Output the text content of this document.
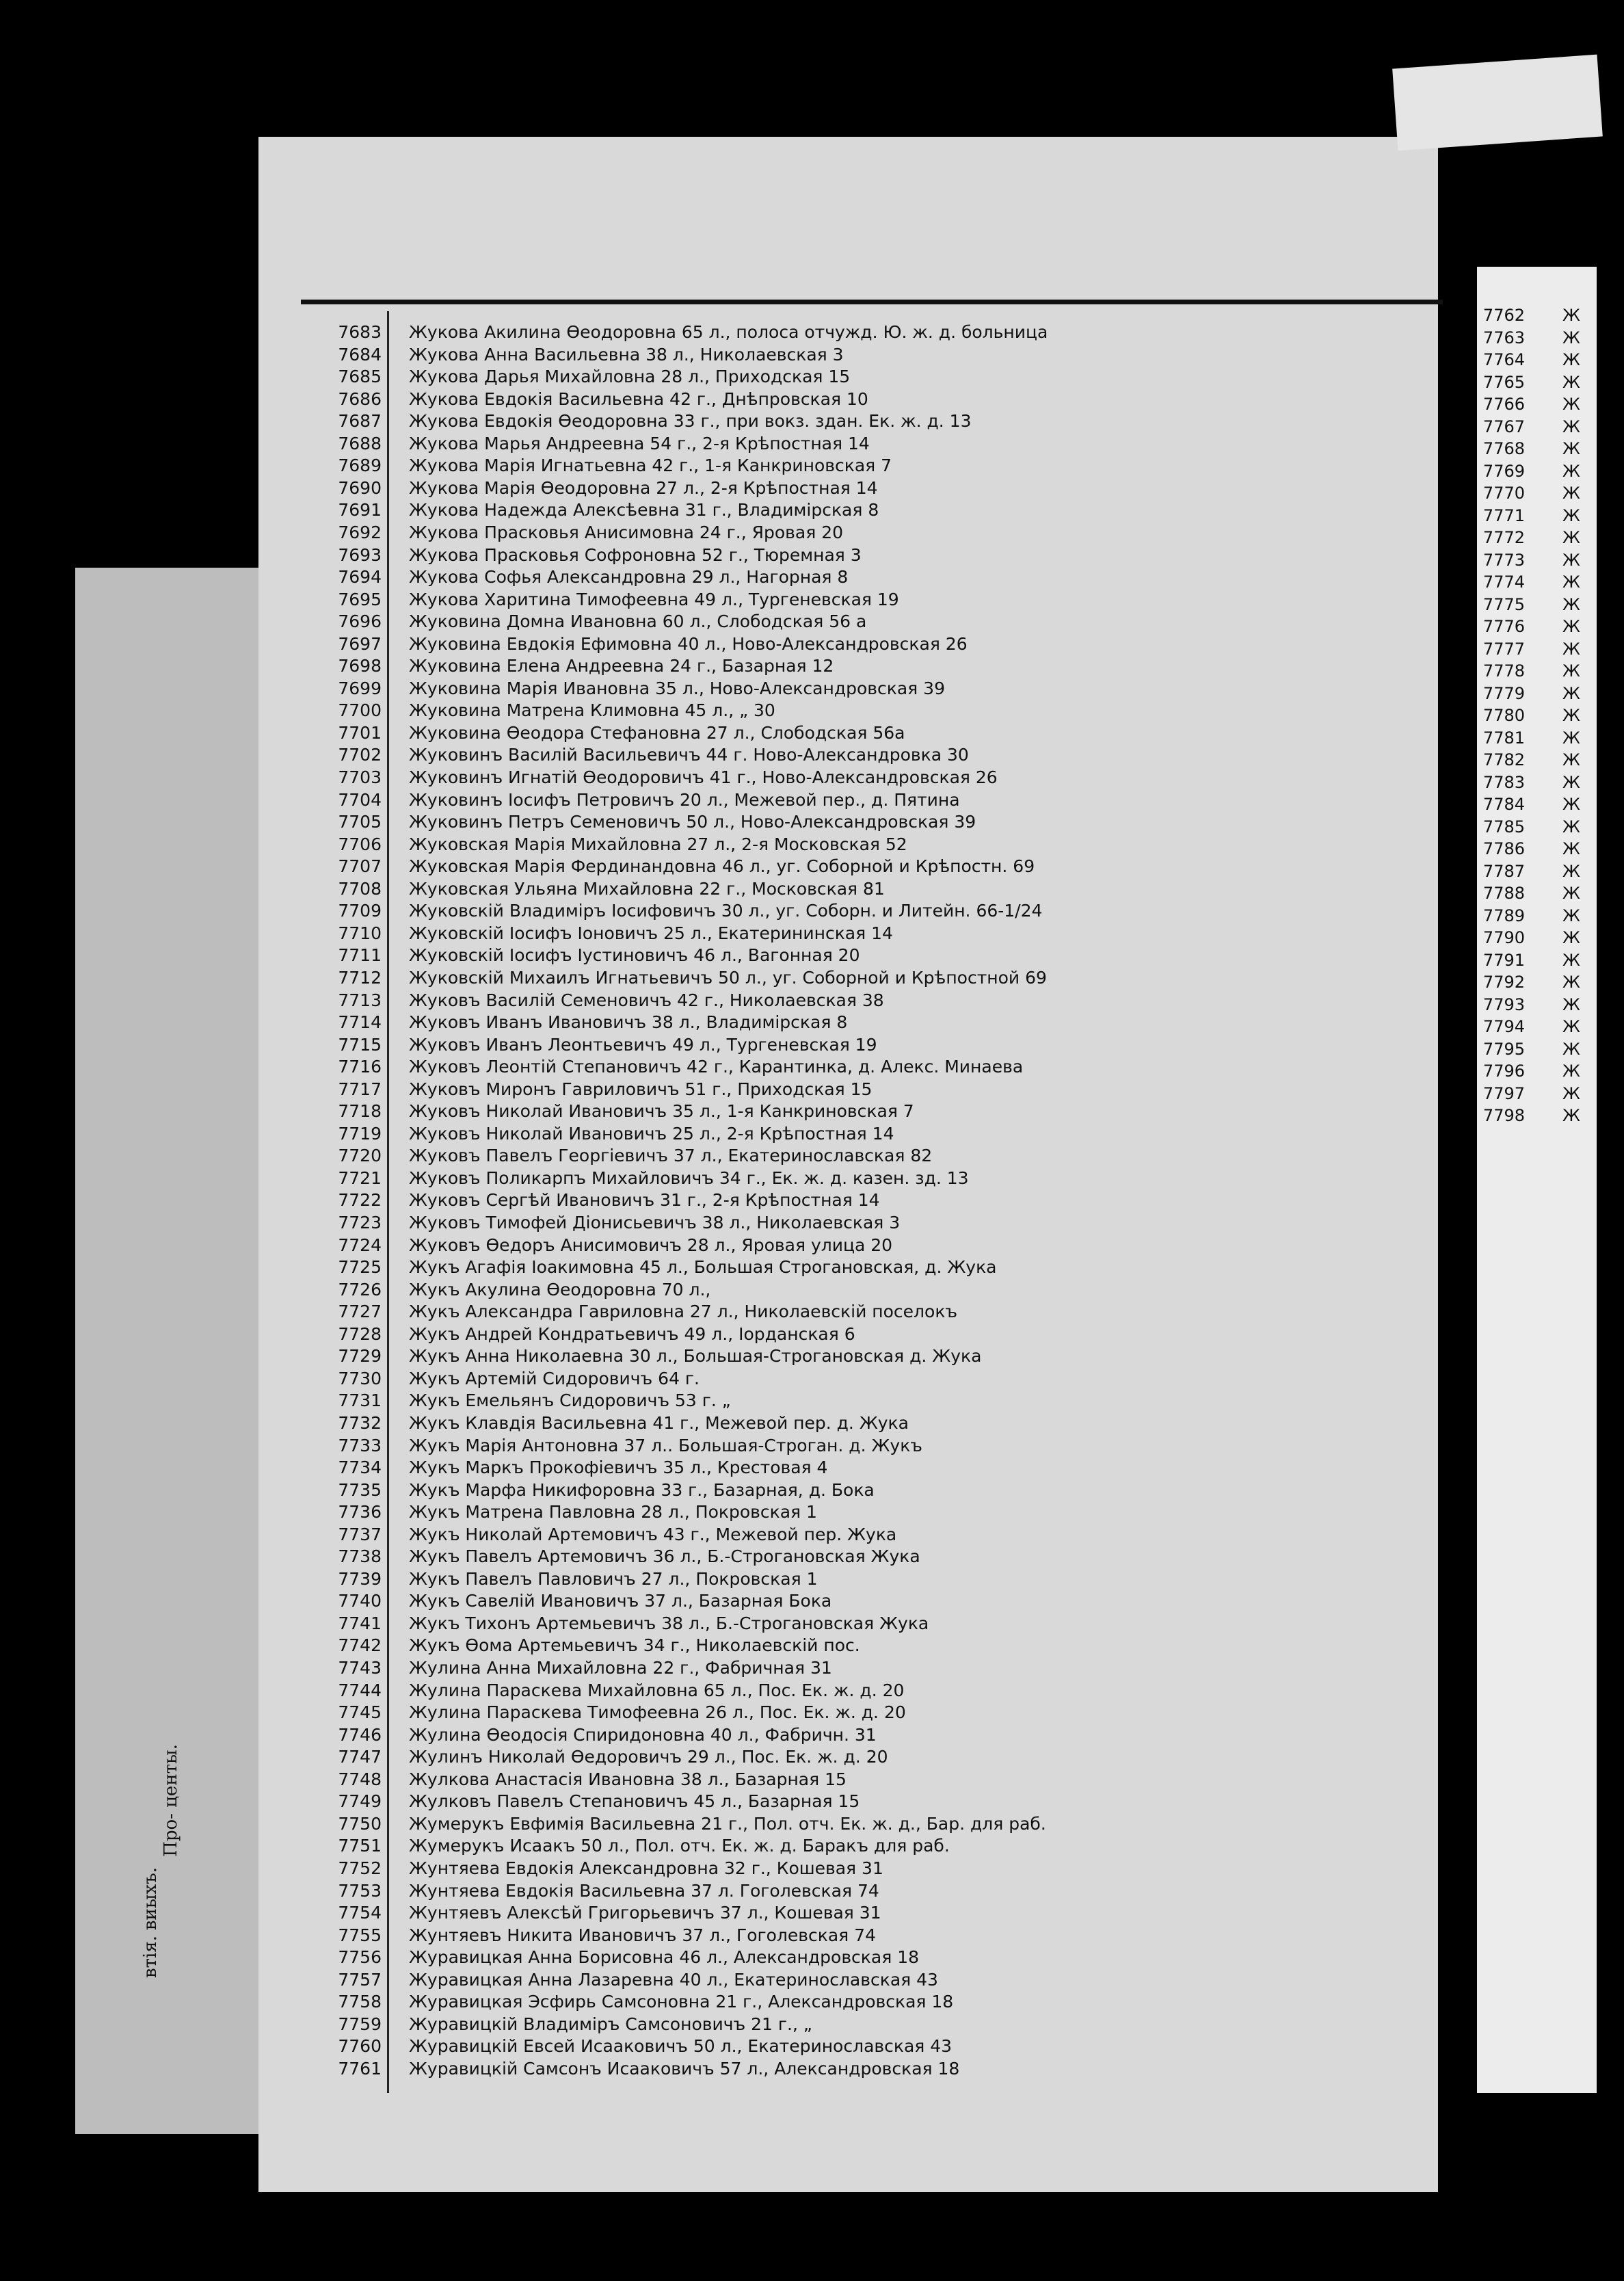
Про- центы.
виыхъ.
втія.
7683 Жукова Акилина Өеодоровна 65 л., полоса отчужд. Ю. ж. д. больница
7684 Жукова Анна Васильевна 38 л., Николаевская 3
7685 Жукова Дарья Михайловна 28 л., Приходская 15
7686 Жукова Евдокія Васильевна 42 г., Днѣпровская 10
7687 Жукова Евдокія Өеодоровна 33 г., при вокз. здан. Ек. ж. д. 13
7688 Жукова Марья Андреевна 54 г., 2-я Крѣпостная 14
7689 Жукова Марія Игнатьевна 42 г., 1-я Канкриновская 7
7690 Жукова Марія Өеодоровна 27 л., 2-я Крѣпостная 14
7691 Жукова Надежда Алексѣевна 31 г., Владимірская 8
7692 Жукова Прасковья Анисимовна 24 г., Яровая 20
7693 Жукова Прасковья Софроновна 52 г., Тюремная 3
7694 Жукова Софья Александровна 29 л., Нагорная 8
7695 Жукова Харитина Тимофеевна 49 л., Тургеневская 19
7696 Жуковина Домна Ивановна 60 л., Слободская 56 а
7697 Жуковина Евдокія Ефимовна 40 л., Ново-Александровская 26
7698 Жуковина Елена Андреевна 24 г., Базарная 12
7699 Жуковина Марія Ивановна 35 л., Ново-Александровская 39
7700 Жуковина Матрена Климовна 45 л., „ 30
7701 Жуковина Өеодора Стефановна 27 л., Слободская 56а
7702 Жуковинъ Василій Васильевичъ 44 г. Ново-Александровка 30
7703 Жуковинъ Игнатій Өеодоровичъ 41 г., Ново-Александровская 26
7704 Жуковинъ Іосифъ Петровичъ 20 л., Межевой пер., д. Пятина
7705 Жуковинъ Петръ Семеновичъ 50 л., Ново-Александровская 39
7706 Жуковская Марія Михайловна 27 л., 2-я Московская 52
7707 Жуковская Марія Фердинандовна 46 л., уг. Соборной и Крѣпостн. 69
7708 Жуковская Ульяна Михайловна 22 г., Московская 81
7709 Жуковскій Владиміръ Іосифовичъ 30 л., уг. Соборн. и Литейн. 66-1/24
7710 Жуковскій Іосифъ Іоновичъ 25 л., Екатерининская 14
7711 Жуковскій Іосифъ Іустиновичъ 46 л., Вагонная 20
7712 Жуковскій Михаилъ Игнатьевичъ 50 л., уг. Соборной и Крѣпостной 69
7713 Жуковъ Василій Семеновичъ 42 г., Николаевская 38
7714 Жуковъ Иванъ Ивановичъ 38 л., Владимірская 8
7715 Жуковъ Иванъ Леонтьевичъ 49 л., Тургеневская 19
7716 Жуковъ Леонтій Степановичъ 42 г., Карантинка, д. Алекс. Минаева
7717 Жуковъ Миронъ Гавриловичъ 51 г., Приходская 15
7718 Жуковъ Николай Ивановичъ 35 л., 1-я Канкриновская 7
7719 Жуковъ Николай Ивановичъ 25 л., 2-я Крѣпостная 14
7720 Жуковъ Павелъ Георгіевичъ 37 л., Екатеринославская 82
7721 Жуковъ Поликарпъ Михайловичъ 34 г., Ек. ж. д. казен. зд. 13
7722 Жуковъ Сергѣй Ивановичъ 31 г., 2-я Крѣпостная 14
7723 Жуковъ Тимофей Діонисьевичъ 38 л., Николаевская 3
7724 Жуковъ Өедоръ Анисимовичъ 28 л., Яровая улица 20
7725 Жукъ Агафія Іоакимовна 45 л., Большая Строгановская, д. Жука
7726 Жукъ Акулина Өеодоровна 70 л.,
7727 Жукъ Александра Гавриловна 27 л., Николаевскій поселокъ
7728 Жукъ Андрей Кондратьевичъ 49 л., Іорданская 6
7729 Жукъ Анна Николаевна 30 л., Большая-Строгановская д. Жука
7730 Жукъ Артемій Сидоровичъ 64 г.
7731 Жукъ Емельянъ Сидоровичъ 53 г. „
7732 Жукъ Клавдія Васильевна 41 г., Межевой пер. д. Жука
7733 Жукъ Марія Антоновна 37 л.. Большая-Строган. д. Жукъ
7734 Жукъ Маркъ Прокофіевичъ 35 л., Крестовая 4
7735 Жукъ Марфа Никифоровна 33 г., Базарная, д. Бока
7736 Жукъ Матрена Павловна 28 л., Покровская 1
7737 Жукъ Николай Артемовичъ 43 г., Межевой пер. Жука
7738 Жукъ Павелъ Артемовичъ 36 л., Б.-Строгановская Жука
7739 Жукъ Павелъ Павловичъ 27 л., Покровская 1
7740 Жукъ Савелій Ивановичъ 37 л., Базарная Бока
7741 Жукъ Тихонъ Артемьевичъ 38 л., Б.-Строгановская Жука
7742 Жукъ Өома Артемьевичъ 34 г., Николаевскій пос.
7743 Жулина Анна Михайловна 22 г., Фабричная 31
7744 Жулина Параскева Михайловна 65 л., Пос. Ек. ж. д. 20
7745 Жулина Параскева Тимофеевна 26 л., Пос. Ек. ж. д. 20
7746 Жулина Өеодосія Спиридоновна 40 л., Фабричн. 31
7747 Жулинъ Николай Өедоровичъ 29 л., Пос. Ек. ж. д. 20
7748 Жулкова Анастасія Ивановна 38 л., Базарная 15
7749 Жулковъ Павелъ Степановичъ 45 л., Базарная 15
7750 Жумерукъ Евфимія Васильевна 21 г., Пол. отч. Ек. ж. д., Бар. для раб.
7751 Жумерукъ Исаакъ 50 л., Пол. отч. Ек. ж. д. Баракъ для раб.
7752 Жунтяева Евдокія Александровна 32 г., Кошевая 31
7753 Жунтяева Евдокія Васильевна 37 л. Гоголевская 74
7754 Жунтяевъ Алексѣй Григорьевичъ 37 л., Кошевая 31
7755 Жунтяевъ Никита Ивановичъ 37 л., Гоголевская 74
7756 Журавицкая Анна Борисовна 46 л., Александровская 18
7757 Журавицкая Анна Лазаревна 40 л., Екатеринославская 43
7758 Журавицкая Эсфирь Самсоновна 21 г., Александровская 18
7759 Журавицкій Владиміръ Самсоновичъ 21 г., „
7760 Журавицкій Евсей Исааковичъ 50 л., Екатеринославская 43
7761 Журавицкій Самсонъ Исааковичъ 57 л., Александровская 18
7762 Ж
7763 Ж
7764 Ж
7765 Ж
7766 Ж
7767 Ж
7768 Ж
7769 Ж
7770 Ж
7771 Ж
7772 Ж
7773 Ж
7774 Ж
7775 Ж
7776 Ж
7777 Ж
7778 Ж
7779 Ж
7780 Ж
7781 Ж
7782 Ж
7783 Ж
7784 Ж
7785 Ж
7786 Ж
7787 Ж
7788 Ж
7789 Ж
7790 Ж
7791 Ж
7792 Ж
7793 Ж
7794 Ж
7795 Ж
7796 Ж
7797 Ж
7798 Ж
